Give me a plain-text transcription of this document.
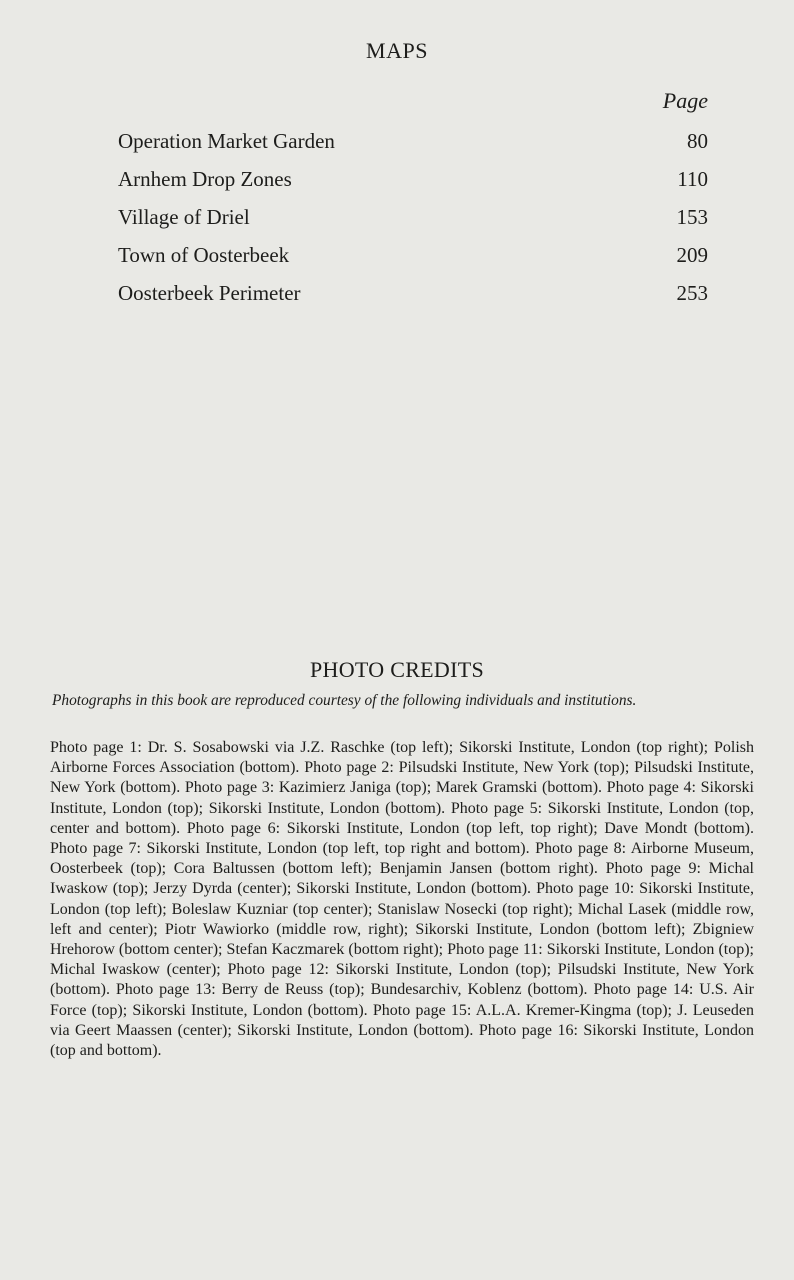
MAPS
Page
Operation Market Garden	80
Arnhem Drop Zones	110
Village of Driel	153
Town of Oosterbeek	209
Oosterbeek Perimeter	253
PHOTO CREDITS
Photographs in this book are reproduced courtesy of the following individuals and institutions.
Photo page 1: Dr. S. Sosabowski via J.Z. Raschke (top left); Sikorski Institute, London (top right); Polish Airborne Forces Association (bottom). Photo page 2: Pilsudski Institute, New York (top); Pilsudski Institute, New York (bottom). Photo page 3: Kazimierz Janiga (top); Marek Gramski (bottom). Photo page 4: Sikorski Institute, London (top); Sikorski Institute, London (bottom). Photo page 5: Sikorski Institute, London (top, center and bottom). Photo page 6: Sikorski Institute, London (top left, top right); Dave Mondt (bottom). Photo page 7: Sikorski Institute, London (top left, top right and bottom). Photo page 8: Airborne Museum, Oosterbeek (top); Cora Baltussen (bottom left); Benjamin Jansen (bottom right). Photo page 9: Michal Iwaskow (top); Jerzy Dyrda (center); Sikorski Institute, London (bottom). Photo page 10: Sikorski Institute, London (top left); Boleslaw Kuzniar (top center); Stanislaw Nosecki (top right); Michal Lasek (middle row, left and center); Piotr Wawiorko (middle row, right); Sikorski Institute, London (bottom left); Zbigniew Hrehorow (bottom center); Stefan Kaczmarek (bottom right); Photo page 11: Sikorski Institute, London (top); Michal Iwaskow (center); Photo page 12: Sikorski Institute, London (top); Pilsudski Institute, New York (bottom). Photo page 13: Berry de Reuss (top); Bundesarchiv, Koblenz (bottom). Photo page 14: U.S. Air Force (top); Sikorski Institute, London (bottom). Photo page 15: A.L.A. Kremer-Kingma (top); J. Leuseden via Geert Maassen (center); Sikorski Institute, London (bottom). Photo page 16: Sikorski Institute, London (top and bottom).
